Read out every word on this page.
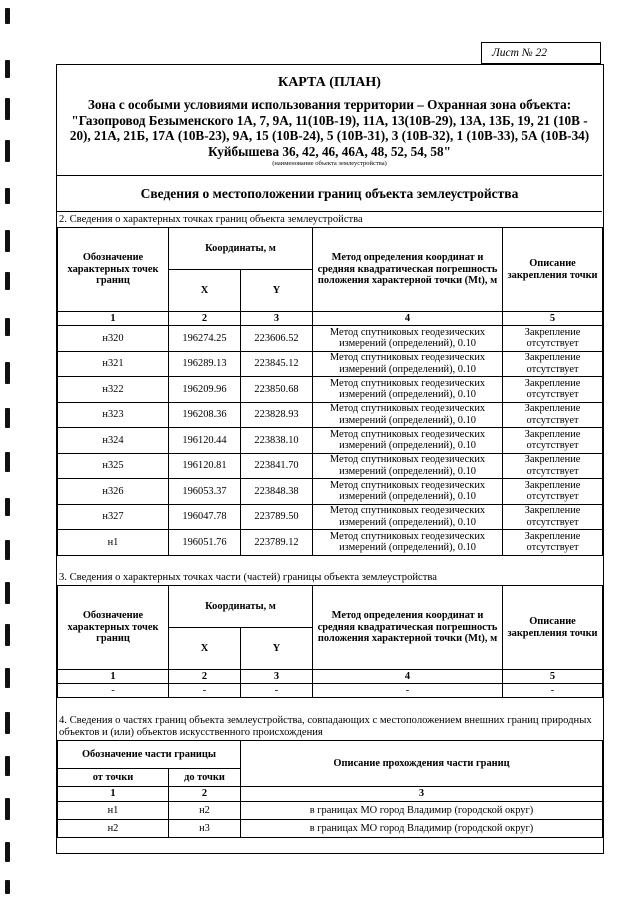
Лист № 22
КАРТА (ПЛАН)
Зона с особыми условиями использования территории – Охранная зона объекта: "Газопровод Безыменского 1А, 7, 9А, 11(10В-19), 11А, 13(10В-29), 13А, 13Б, 19, 21 (10В - 20), 21А, 21Б, 17А (10В-23), 9А, 15 (10В-24), 5 (10В-31), 3 (10В-32), 1 (10В-33), 5А (10В-34) Куйбышева 36, 42, 46, 46А, 48, 52, 54, 58"
(наименование объекта землеустройства)
Сведения о местоположении границ объекта землеустройства
2. Сведения о характерных точках границ объекта землеустройства
Обозначение характерных точек границ	Координаты, м		Метод определения координат и средняя квадратическая погрешность положения характерной точки (Mt), м	Описание закрепления точки
	X	Y		
1	2	3	4	5
н320	196274.25	223606.52	Метод спутниковых геодезических измерений (определений), 0.10	Закрепление отсутствует
н321	196289.13	223845.12	Метод спутниковых геодезических измерений (определений), 0.10	Закрепление отсутствует
н322	196209.96	223850.68	Метод спутниковых геодезических измерений (определений), 0.10	Закрепление отсутствует
н323	196208.36	223828.93	Метод спутниковых геодезических измерений (определений), 0.10	Закрепление отсутствует
н324	196120.44	223838.10	Метод спутниковых геодезических измерений (определений), 0.10	Закрепление отсутствует
н325	196120.81	223841.70	Метод спутниковых геодезических измерений (определений), 0.10	Закрепление отсутствует
н326	196053.37	223848.38	Метод спутниковых геодезических измерений (определений), 0.10	Закрепление отсутствует
н327	196047.78	223789.50	Метод спутниковых геодезических измерений (определений), 0.10	Закрепление отсутствует
н1	196051.76	223789.12	Метод спутниковых геодезических измерений (определений), 0.10	Закрепление отсутствует
3. Сведения о характерных точках части (частей) границы объекта землеустройства
Обозначение характерных точек границ	Координаты, м		Метод определения координат и средняя квадратическая погрешность положения характерной точки (Mt), м	Описание закрепления точки
	X	Y		
1	2	3	4	5
-	-	-	-	-
4. Сведения о частях границ объекта землеустройства, совпадающих с местоположением внешних границ природных объектов и (или) объектов искусственного происхождения
Обозначение части границы		Описание прохождения части границ
от точки	до точки	
1	2	3
н1	н2	в границах МО город Владимир (городской округ)
н2	н3	в границах МО город Владимир (городской округ)
